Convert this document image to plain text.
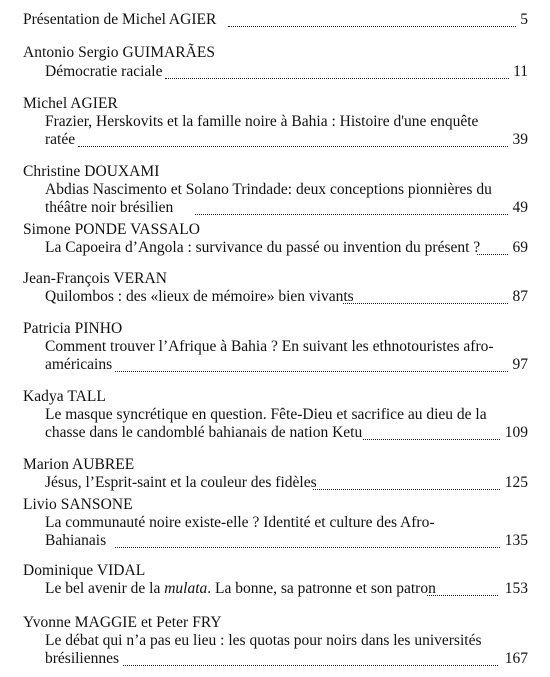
Présentation de Michel AGIER	5
Antonio Sergio GUIMARÃES
Démocratie raciale	11
Michel AGIER
Frazier, Herskovits et la famille noire à Bahia : Histoire d'une enquête
ratée	39
Christine DOUXAMI
Abdias Nascimento et Solano Trindade: deux conceptions pionnières du
théâtre noir brésilien	49
Simone PONDE VASSALO
La Capoeira d’Angola : survivance du passé ou invention du présent ? 69
Jean-François VERAN
Quilombos : des «lieux de mémoire» bien vivants	87
Patricia PINHO
Comment trouver l’Afrique à Bahia ? En suivant les ethnotouristes afro-
américains	97
Kadya TALL
Le masque syncrétique en question. Fête-Dieu et sacrifice au dieu de la
chasse dans le candomblé bahianais de nation Ketu	109
Marion AUBREE
Jésus, l’Esprit-saint et la couleur des fidèles	125
Livio SANSONE
La communauté noire existe-elle ? Identité et culture des Afro-
Bahianais	135
Dominique VIDAL
Le bel avenir de la mulata. La bonne, sa patronne et son patron	153
Yvonne MAGGIE et Peter FRY
Le débat qui n’a pas eu lieu : les quotas pour noirs dans les universités
brésiliennes	167
